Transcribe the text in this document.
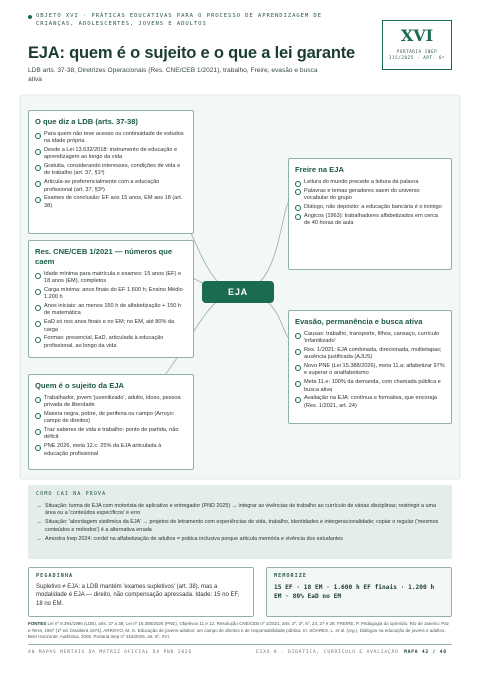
OBJETO XVI · PRÁTICAS EDUCATIVAS PARA O PROCESSO DE APRENDIZAGEM DE
CRIANÇAS, ADOLESCENTES, JOVENS E ADULTOS
EJA: quem é o sujeito e o que a lei garante
LDB arts. 37-38, Diretrizes Operacionais (Res. CNE/CEB 1/2021), trabalho, Freire, evasão e busca ativa
XVI
PORTARIA INEP
315/2025 · ART. 6º
O que diz a LDB (arts. 37-38)
Para quem não teve acesso ou continuidade de estudos na idade própria
Desde a Lei 13.632/2018: instrumento de educação e aprendizagem ao longo da vida
Gratuita, considerando interesses, condições de vida e de trabalho (art. 37, §1º)
Articula-se preferencialmente com a educação profissional (art. 37, §3º)
Exames de conclusão: EF aos 15 anos, EM aos 18 (art. 38)
Res. CNE/CEB 1/2021 — números que caem
Idade mínima para matrícula e exames: 15 anos (EF) e 18 anos (EM), completos
Carga mínima: anos finais do EF 1.600 h; Ensino Médio 1.200 h
Anos iniciais: ao menos 150 h de alfabetização + 150 h de matemática
EaD só nos anos finais e no EM; no EM, até 80% da carga
Formas: presencial, EaD, articulada à educação profissional, ao longo da vida
Quem é o sujeito da EJA
Trabalhador, jovem 'juvenilizado', adulto, idoso, pessoa privada de liberdade
Maioria negra, pobre, de periferia ou campo (Arroyo: campo de direitos)
Traz saberes de vida e trabalho: ponto de partida, não déficit
PNE 2026, meta 12.c: 25% da EJA articulada à educação profissional
EJA
Freire na EJA
Leitura do mundo precede a leitura da palavra
Palavras e temas geradores saem do universo vocabular do grupo
Diálogo, não depósito: a educação bancária é o inimigo
Angicos (1963): trabalhadores alfabetizados em cerca de 40 horas de aula
Evasão, permanência e busca ativa
Causas: trabalho, transporte, filhos, cansaço, currículo 'infantilizado'
Res. 1/2021: EJA combinada, direcionada, multietapas; ausência justificada (AJUS)
Novo PNE (Lei 15.388/2026), meta 11.a: alfabetizar 97% e superar o analfabetismo
Meta 11.e: 100% da demanda, com chamada pública e busca ativa
Avaliação na EJA: contínua e formativa, que encoraja (Res. 1/2021, art. 24)
COMO CAI NA PROVA
→ Situação: turma de EJA com motorista de aplicativo e entregador (PND 2025) → integrar as vivências de trabalho ao currículo de várias disciplinas; restringir a uma área ou a 'conteúdos específicos' é erro
→ Situação: 'abordagem sistêmica da EJA' → projetos de letramento com experiências de vida, trabalho, identidades e intergeracionalidade; copiar o regular ('mesmos conteúdos e métodos') é a alternativa errada
→ Amostra Inep 2024: cordel na alfabetização de adultos = prática inclusiva porque articula memória e vivência dos estudantes
PEGADINHA
Supletivo ≠ EJA: a LDB mantém 'exames supletivos' (art. 38), mas a modalidade é EJA — direito, não compensação apressada. Idade: 15 no EF, 18 no EM.
MEMORIZE
15 EF · 18 EM · 1.600 h EF finais · 1.200 h EM · 80% EaD no EM
FONTES Lei nº 9.394/1996 (LDB), arts. 37 a 38; Lei nº 15.388/2026 (PNE), Objetivos 11 e 12. Resolução CNE/CEB nº 1/2021, arts. 2º, 3º, 6º, 24, 27 e 28. FREIRE, P. Pedagogia do oprimido. Rio de Janeiro: Paz e Terra, 1987 (1ª ed. brasileira 1974). ARROYO, M. G. Educação de jovens-adultos: um campo de direitos e de responsabilidade pública. In: SOARES, L. et al. (org.). Diálogos na educação de jovens e adultos. Belo Horizonte: Autêntica, 2005. Portaria Inep nº 315/2025, art. 6º, XVI.
40 MAPAS MENTAIS DA MATRIZ OFICIAL DA PND 2026	EIXO 8 · DIDÁTICA, CURRÍCULO E AVALIAÇÃO MAPA 42 / 40
